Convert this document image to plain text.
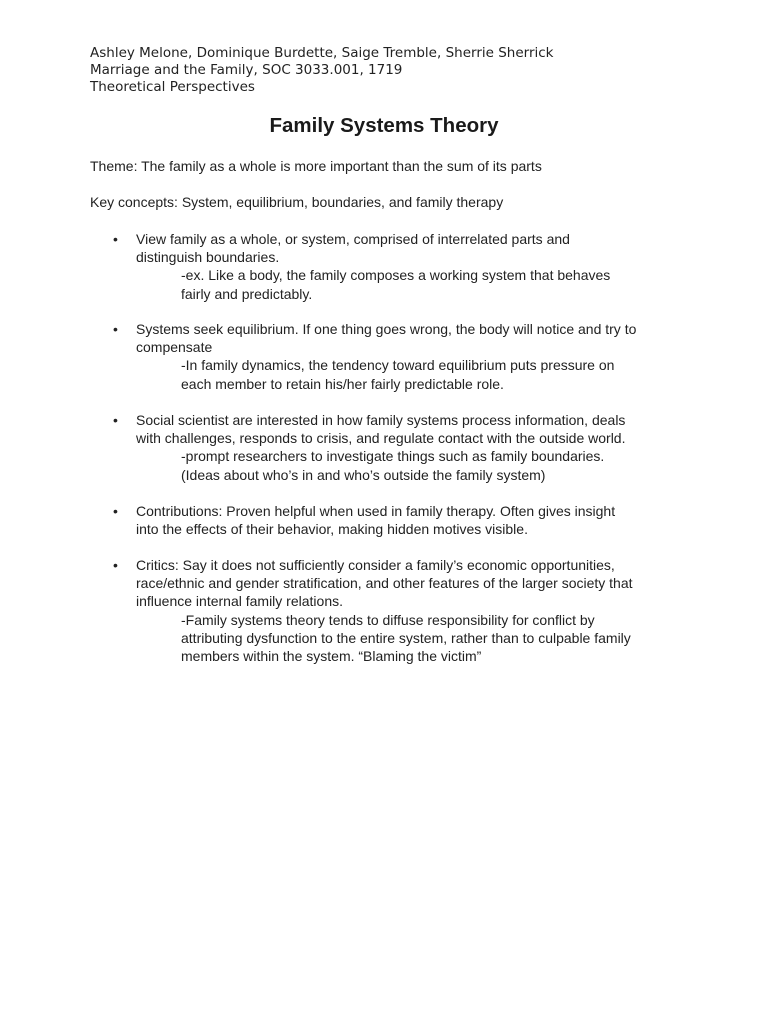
Ashley Melone, Dominique Burdette, Saige Tremble, Sherrie Sherrick
Marriage and the Family, SOC 3033.001, 1719
Theoretical Perspectives
Family Systems Theory
Theme: The family as a whole is more important than the sum of its parts
Key concepts: System, equilibrium, boundaries, and family therapy
• View family as a whole, or system, comprised of interrelated parts and
distinguish boundaries.
-ex. Like a body, the family composes a working system that behaves
fairly and predictably.
• Systems seek equilibrium. If one thing goes wrong, the body will notice and try to
compensate
-In family dynamics, the tendency toward equilibrium puts pressure on
each member to retain his/her fairly predictable role.
• Social scientist are interested in how family systems process information, deals
with challenges, responds to crisis, and regulate contact with the outside world.
-prompt researchers to investigate things such as family boundaries.
(Ideas about who’s in and who’s outside the family system)
• Contributions: Proven helpful when used in family therapy. Often gives insight
into the effects of their behavior, making hidden motives visible.
• Critics: Say it does not sufficiently consider a family’s economic opportunities,
race/ethnic and gender stratification, and other features of the larger society that
influence internal family relations.
-Family systems theory tends to diffuse responsibility for conflict by
attributing dysfunction to the entire system, rather than to culpable family
members within the system. “Blaming the victim”
